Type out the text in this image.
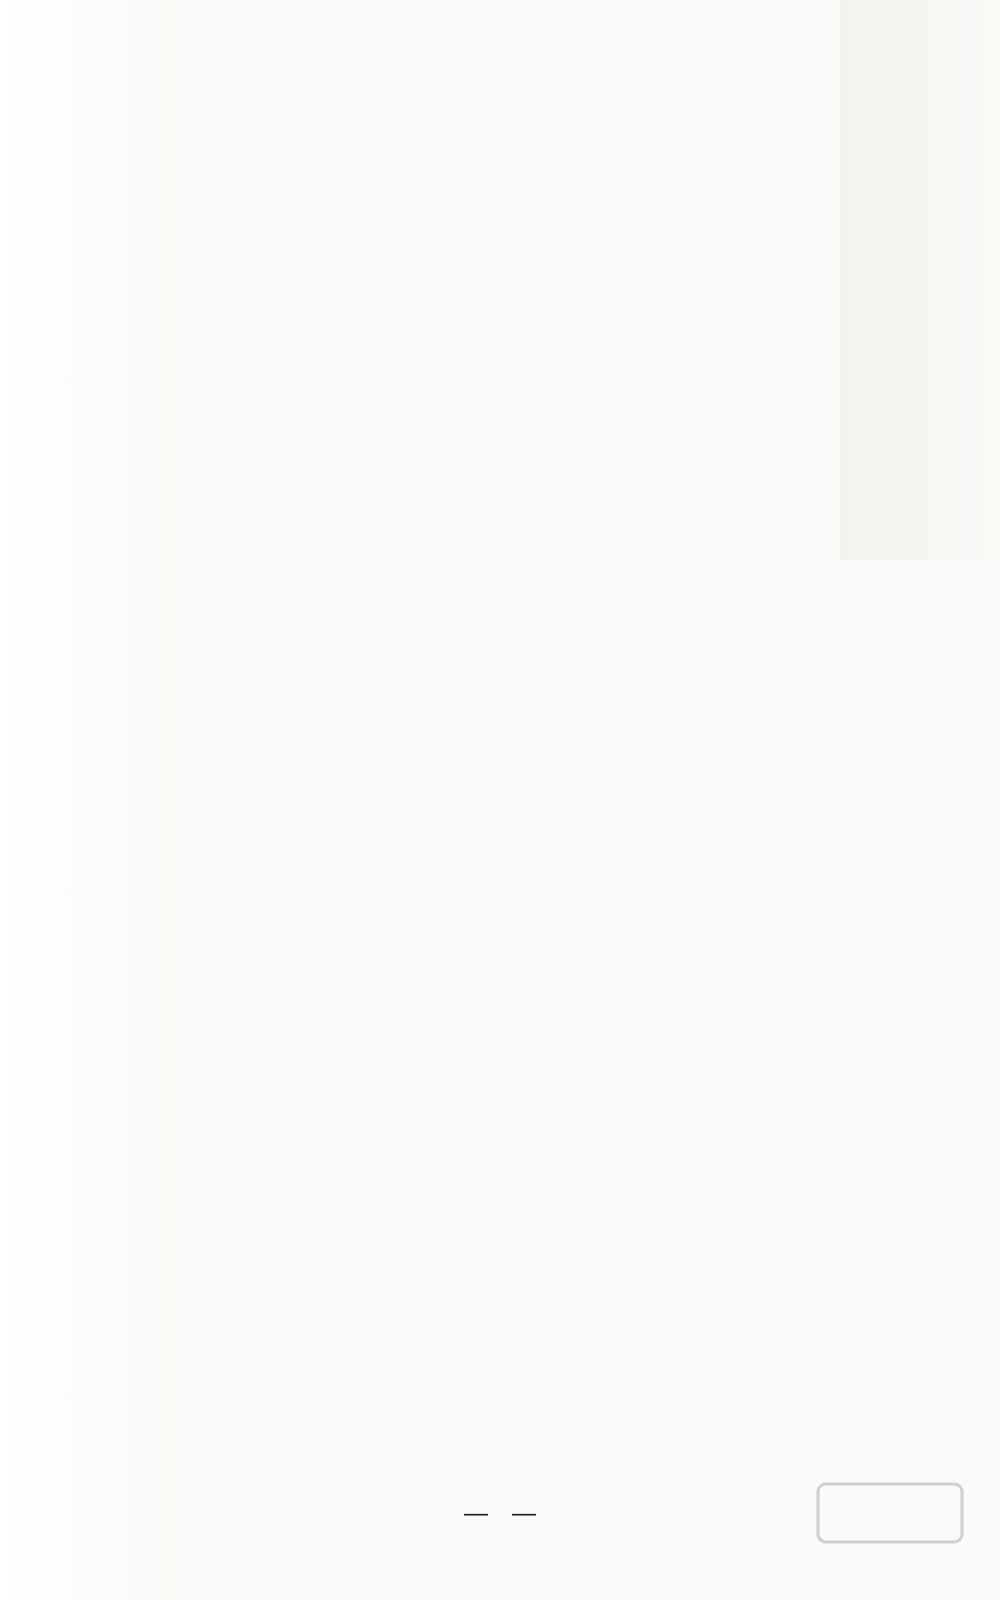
— —
